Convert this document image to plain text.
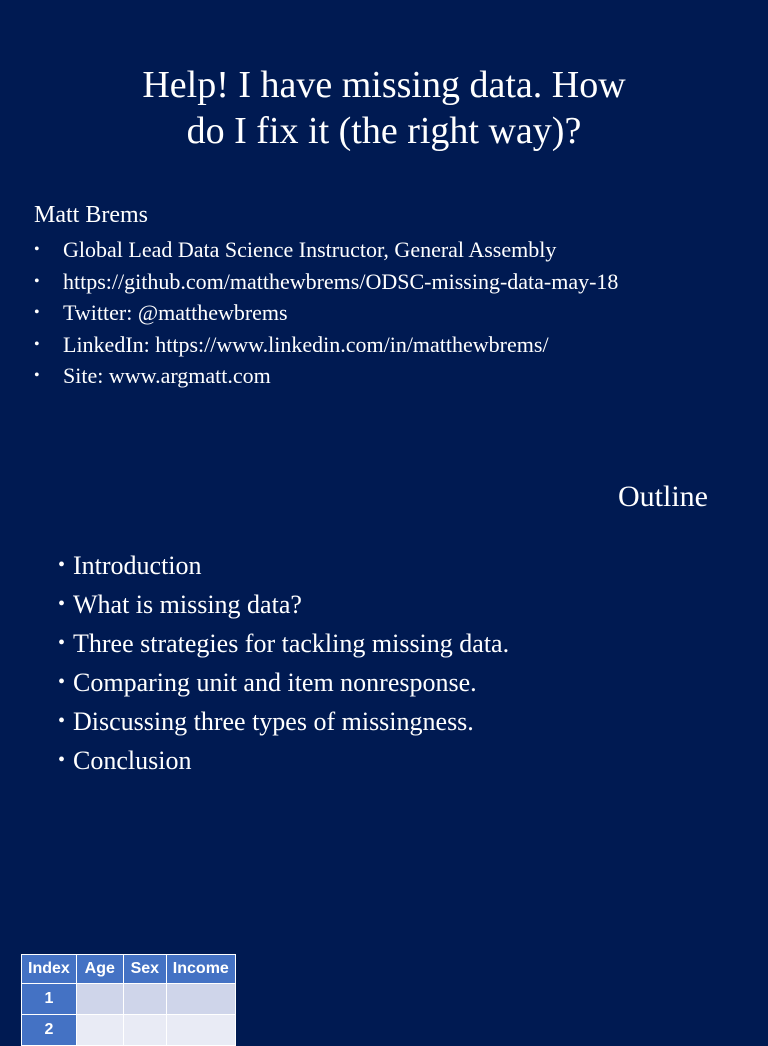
Help! I have missing data. How
do I fix it (the right way)?
Matt Brems
• Global Lead Data Science Instructor, General Assembly
• https://github.com/matthewbrems/ODSC-missing-data-may-18
• Twitter: @matthewbrems
• LinkedIn: https://www.linkedin.com/in/matthewbrems/
• Site: www.argmatt.com
Outline
• Introduction
• What is missing data?
• Three strategies for tackling missing data.
• Comparing unit and item nonresponse.
• Discussing three types of missingness.
• Conclusion
Index	Age	Sex	Income
1			
2			
